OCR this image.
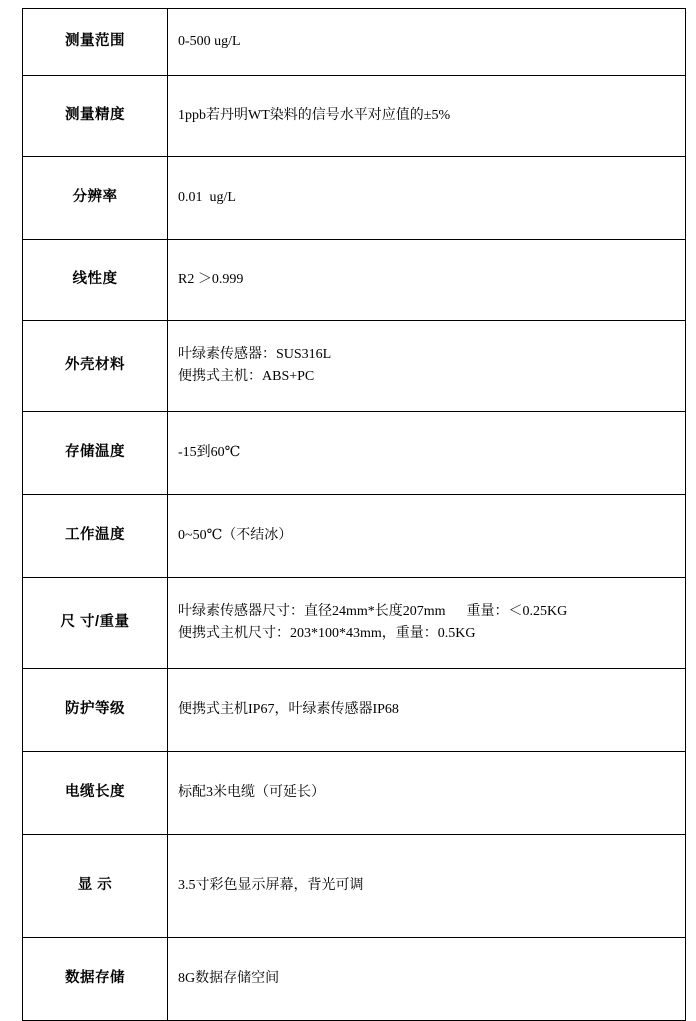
测量范围	0-500 ug/L

测量精度	1ppb若丹明WT染料的信号水平对应值的±5%

分辨率	0.01  ug/L

线性度	R2 ＞0.999

外壳材料	叶绿素传感器：SUS316L
便携式主机：ABS+PC

存储温度	-15到60℃

工作温度	0~50℃（不结冰）

尺 寸/重量	叶绿素传感器尺寸：直径24mm*长度207mm      重量：＜0.25KG
便携式主机尺寸：203*100*43mm，重量：0.5KG

防护等级	便携式主机IP67，叶绿素传感器IP68

电缆长度	标配3米电缆（可延长）

显 示	3.5寸彩色显示屏幕，背光可调

数据存储	8G数据存储空间
